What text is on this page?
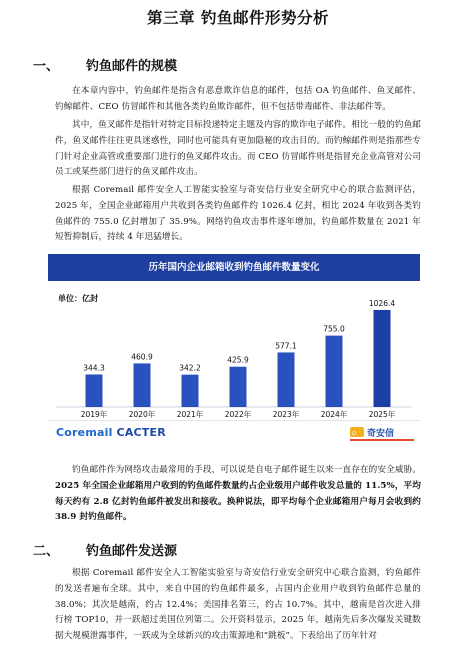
第三章 钓鱼邮件形势分析
一、 钓鱼邮件的规模

在本章内容中，钓鱼邮件是指含有恶意欺诈信息的邮件，包括 OA 钓鱼邮件、鱼叉邮件、钓鲸邮件、CEO 仿冒邮件和其他各类钓鱼欺诈邮件，但不包括带毒邮件、非法邮件等。

其中，鱼叉邮件是指针对特定目标投递特定主题及内容的欺诈电子邮件。相比一般的钓鱼邮件，鱼叉邮件往往更具迷惑性，同时也可能具有更加隐秘的攻击目的。而钓鲸邮件则是指那些专门针对企业高管或重要部门进行的鱼叉邮件攻击。而 CEO 仿冒邮件则是指冒充企业高管对公司员工或某些部门进行的鱼叉邮件攻击。

根据 Coremail 邮件安全人工智能实验室与奇安信行业安全研究中心的联合监测评估，2025 年，全国企业邮箱用户共收到各类钓鱼邮件约 1026.4 亿封，相比 2024 年收到各类钓鱼邮件的 755.0 亿封增加了 35.9%。网络钓鱼攻击事件逐年增加，钓鱼邮件数量在 2021 年短暂抑制后，持续 4 年迅猛增长。

历年国内企业邮箱收到钓鱼邮件数量变化
单位：亿封
344.3
2019年
460.9
2020年
342.2
2021年
425.9
2022年
577.1
2023年
755.0
2024年
1026.4
2025年
Coremail CACTER	Q 奇安信

钓鱼邮件作为网络攻击最常用的手段，可以说是自电子邮件诞生以来一直存在的安全威胁。2025 年全国企业邮箱用户收到的钓鱼邮件数量约占企业级用户邮件收发总量的 11.5%，平均每天约有 2.8 亿封钓鱼邮件被发出和接收。换种说法，即平均每个企业邮箱用户每月会收到约 38.9 封钓鱼邮件。

二、 钓鱼邮件发送源

根据 Coremail 邮件安全人工智能实验室与奇安信行业安全研究中心联合监测，钓鱼邮件的发送者遍布全球。其中，来自中国的钓鱼邮件最多，占国内企业用户收到钓鱼邮件总量的 38.0%；其次是越南，约占 12.4%；美国排名第三，约占 10.7%。其中，越南是首次进入排行榜 TOP10，并一跃超过美国位列第二。公开资料显示，2025 年，越南先后多次爆发关键数据大规模泄露事件，一跃成为全球新兴的攻击策源地和“跳板”。下表给出了历年针对
